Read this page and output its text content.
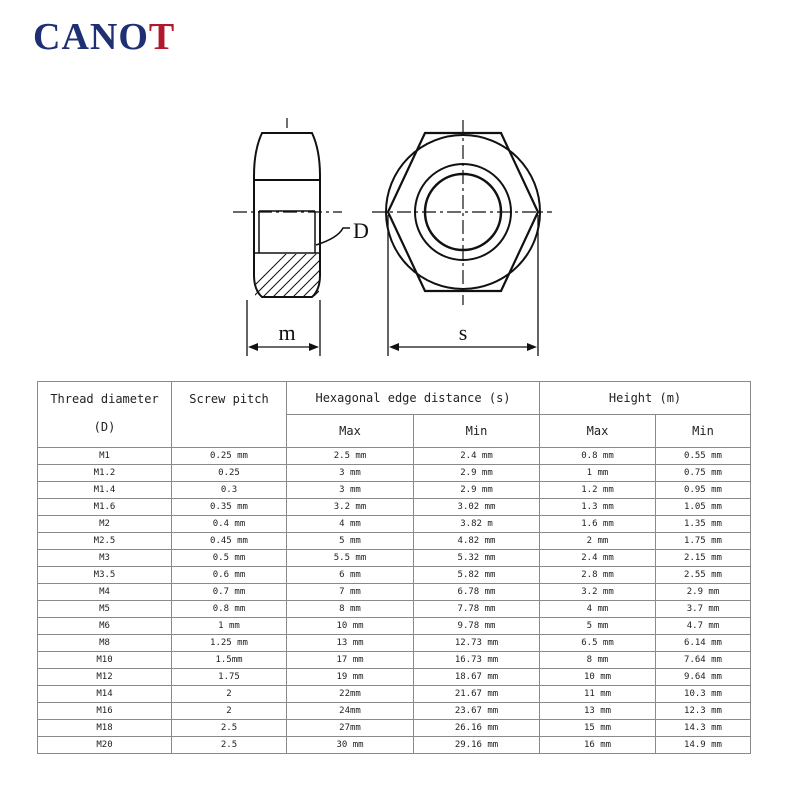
CANOT
D
m	s
Thread diameter
(D)	Screw pitch	Hexagonal edge distance (s)		Height (m)	
		Max	Min	Max	Min
M1	0.25 mm	2.5 mm	2.4 mm	0.8 mm	0.55 mm
M1.2	0.25	3 mm	2.9 mm	1 mm	0.75 mm
M1.4	0.3	3 mm	2.9 mm	1.2 mm	0.95 mm
M1.6	0.35 mm	3.2 mm	3.02 mm	1.3 mm	1.05 mm
M2	0.4 mm	4 mm	3.82 m	1.6 mm	1.35 mm
M2.5	0.45 mm	5 mm	4.82 mm	2 mm	1.75 mm
M3	0.5 mm	5.5 mm	5.32 mm	2.4 mm	2.15 mm
M3.5	0.6 mm	6 mm	5.82 mm	2.8 mm	2.55 mm
M4	0.7 mm	7 mm	6.78 mm	3.2 mm	2.9 mm
M5	0.8 mm	8 mm	7.78 mm	4 mm	3.7 mm
M6	1 mm	10 mm	9.78 mm	5 mm	4.7 mm
M8	1.25 mm	13 mm	12.73 mm	6.5 mm	6.14 mm
M10	1.5mm	17 mm	16.73 mm	8 mm	7.64 mm
M12	1.75	19 mm	18.67 mm	10 mm	9.64 mm
M14	2	22mm	21.67 mm	11 mm	10.3 mm
M16	2	24mm	23.67 mm	13 mm	12.3 mm
M18	2.5	27mm	26.16 mm	15 mm	14.3 mm
M20	2.5	30 mm	29.16 mm	16 mm	14.9 mm
